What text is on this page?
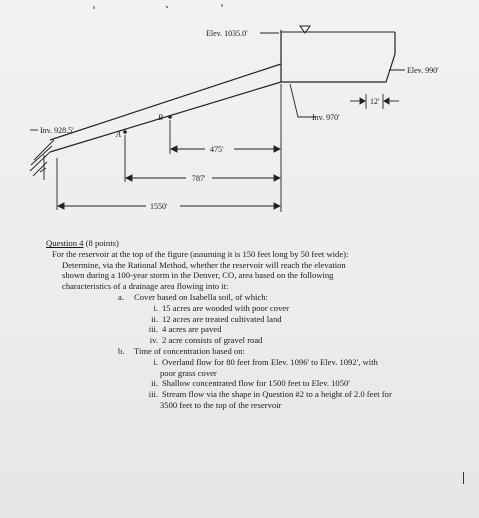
Elev. 1035.0'
Elev. 990'
Inv. 970'
12'
Inv. 928.5'	A
B
475'
787'
1550'
Question 4 (8 points)
For the reservoir at the top of the figure (assuming it is 150 feet long by 50 feet wide):
Determine, via the Rational Method, whether the reservoir will reach the elevation
shown during a 100-year storm in the Denver, CO, area based on the following
characteristics of a drainage area flowing into it:
a. Cover based on Isabella soil, of which:
i. 15 acres are wooded with poor cover
ii. 12 acres are treated cultivated land
iii. 4 acres are paved
iv. 2 acre consists of gravel road
b. Time of concentration based on:
i. Overland flow for 80 feet from Elev. 1096' to Elev. 1092', with
poor grass cover
ii. Shallow concentrated flow for 1500 feet to Elev. 1050'
iii. Stream flow via the shape in Question #2 to a height of 2.0 feet for
3500 feet to the top of the reservoir
